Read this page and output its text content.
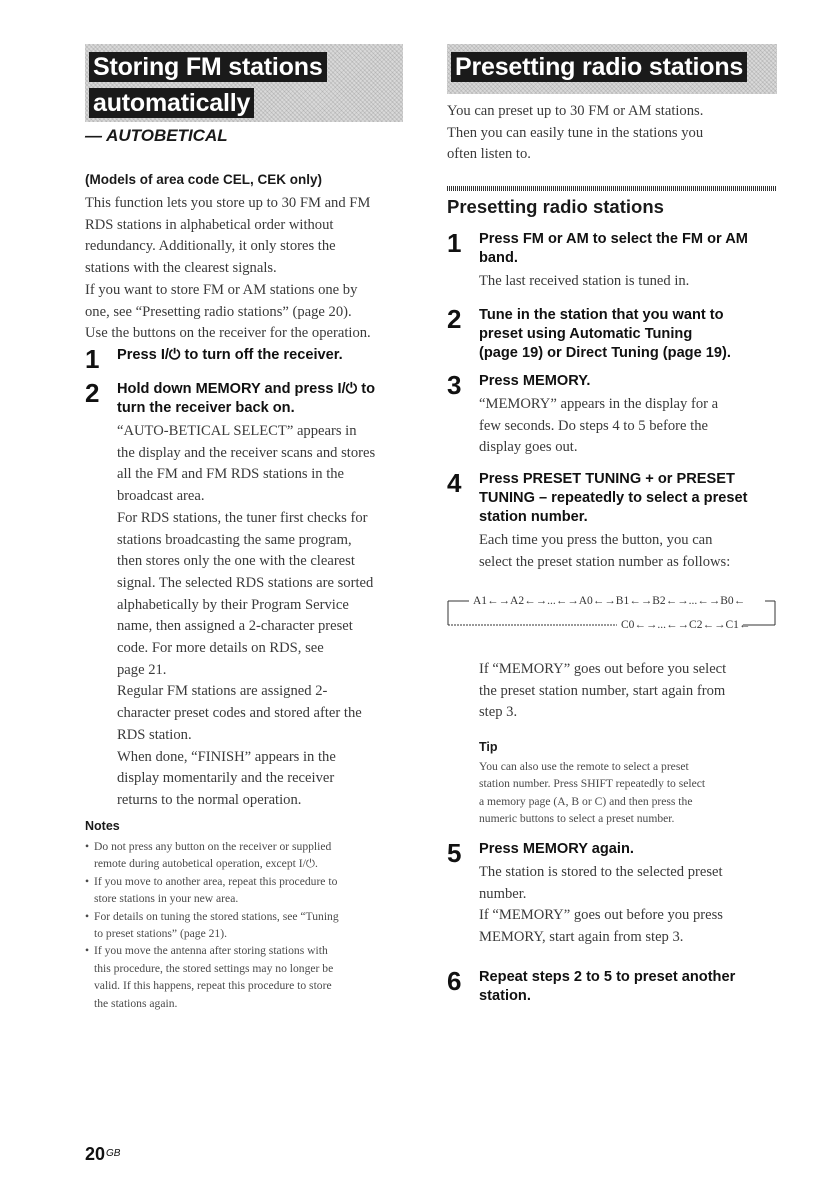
Storing FM stations
automatically
— AUTOBETICAL
(Models of area code CEL, CEK only)

This function lets you store up to 30 FM and FM

RDS stations in alphabetical order without

redundancy. Additionally, it only stores the

stations with the clearest signals.

If you want to store FM or AM stations one by

one, see “Presetting radio stations” (page 20).

Use the buttons on the receiver for the operation.

1 Press I/⏻ to turn off the receiver.
2 Hold down MEMORY and press I/⏻ to
turn the receiver back on.
“AUTO-BETICAL SELECT” appears in
the display and the receiver scans and stores
all the FM and FM RDS stations in the
broadcast area.
For RDS stations, the tuner first checks for
stations broadcasting the same program,
then stores only the one with the clearest
signal. The selected RDS stations are sorted
alphabetically by their Program Service
name, then assigned a 2-character preset
code. For more details on RDS, see
page 21.
Regular FM stations are assigned 2-
character preset codes and stored after the
RDS station.
When done, “FINISH” appears in the
display momentarily and the receiver
returns to the normal operation.
Notes
• Do not press any button on the receiver or supplied
remote during autobetical operation, except I/⏻.
• If you move to another area, repeat this procedure to
store stations in your new area.
• For details on tuning the stored stations, see “Tuning
to preset stations” (page 21).
• If you move the antenna after storing stations with
this procedure, the stored settings may no longer be
valid. If this happens, repeat this procedure to store
the stations again.
Presetting radio stations

You can preset up to 30 FM or AM stations.

Then you can easily tune in the stations you

often listen to.

Presetting radio stations
1 Press FM or AM to select the FM or AM
band.
The last received station is tuned in.
2 Tune in the station that you want to
preset using Automatic Tuning
(page 19) or Direct Tuning (page 19).
3 Press MEMORY.
“MEMORY” appears in the display for a
few seconds. Do steps 4 to 5 before the
display goes out.
4 Press PRESET TUNING + or PRESET
TUNING – repeatedly to select a preset
station number.
Each time you press the button, you can
select the preset station number as follows:
A1←→A2←→...←→A0←→B1←→B2←→...←→B0←
C0←→...←→C2←→C1←

If “MEMORY” goes out before you select

the preset station number, start again from

step 3.

Tip
You can also use the remote to select a preset
station number. Press SHIFT repeatedly to select
a memory page (A, B or C) and then press the
numeric buttons to select a preset number.
5 Press MEMORY again.
The station is stored to the selected preset
number.
If “MEMORY” goes out before you press
MEMORY, start again from step 3.
6 Repeat steps 2 to 5 to preset another
station.
$20^{GB}$
